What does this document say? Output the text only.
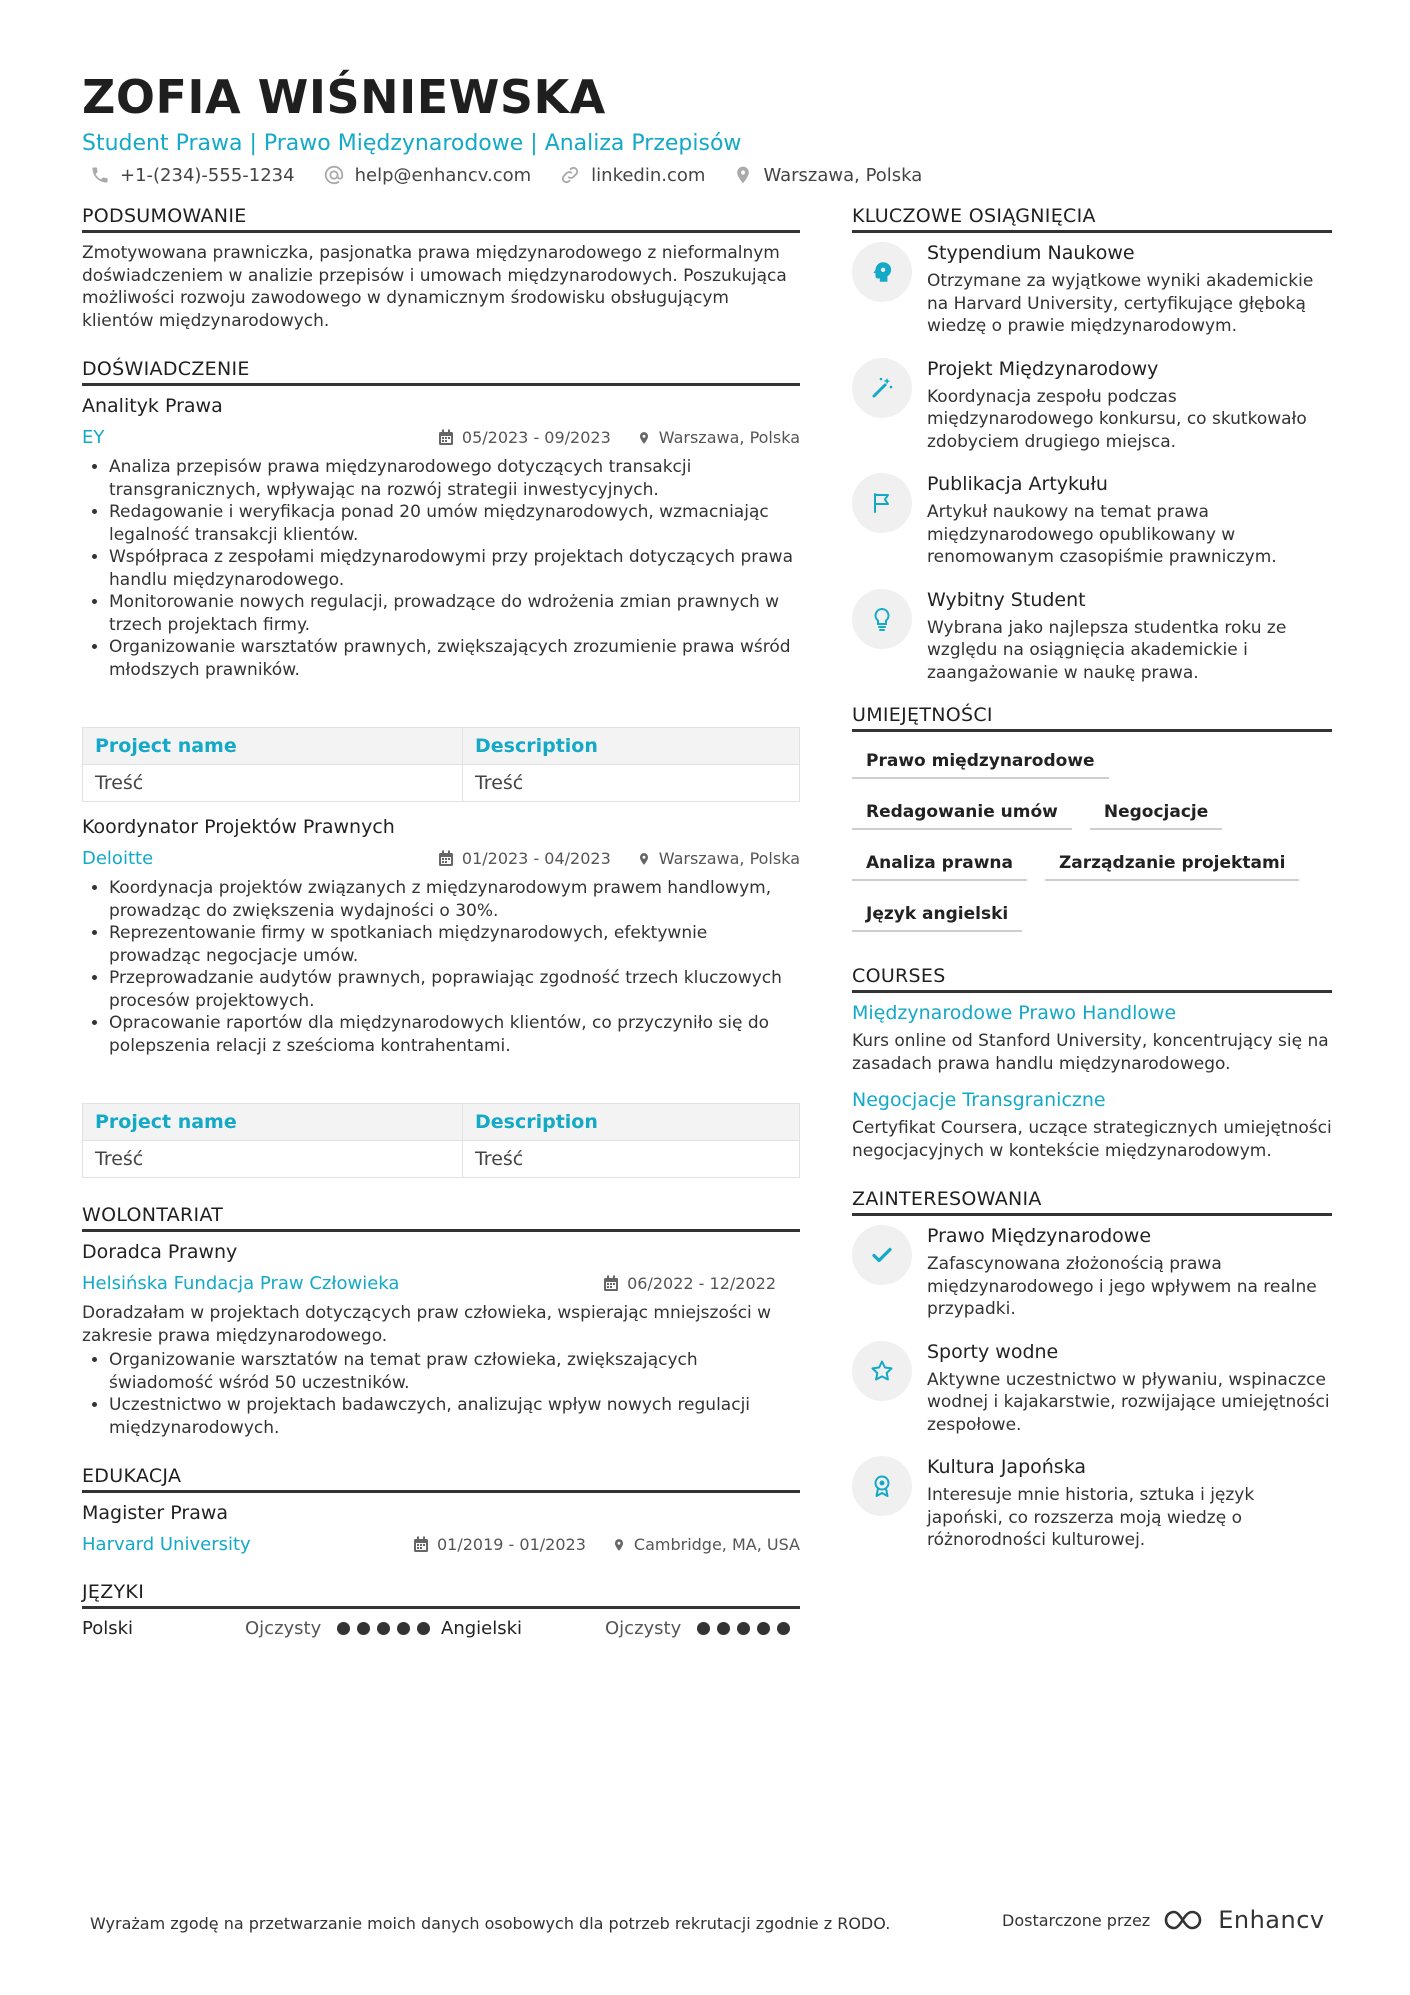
ZOFIA WIŚNIEWSKA
Student Prawa | Prawo Międzynarodowe | Analiza Przepisów
+1-(234)-555-1234	help@enhancv.com	linkedin.com	Warszawa, Polska
PODSUMOWANIE
Zmotywowana prawniczka, pasjonatka prawa międzynarodowego z nieformalnym doświadczeniem w analizie przepisów i umowach międzynarodowych. Poszukująca możliwości rozwoju zawodowego w dynamicznym środowisku obsługującym klientów międzynarodowych.
DOŚWIADCZENIE
Analityk Prawa
EY	05/2023 - 09/2023	Warszawa, Polska
• Analiza przepisów prawa międzynarodowego dotyczących transakcji transgranicznych, wpływając na rozwój strategii inwestycyjnych.
• Redagowanie i weryfikacja ponad 20 umów międzynarodowych, wzmacniając legalność transakcji klientów.
• Współpraca z zespołami międzynarodowymi przy projektach dotyczących prawa handlu międzynarodowego.
• Monitorowanie nowych regulacji, prowadzące do wdrożenia zmian prawnych w trzech projektach firmy.
• Organizowanie warsztatów prawnych, zwiększających zrozumienie prawa wśród młodszych prawników.
Project name	Description
Treść	Treść
Koordynator Projektów Prawnych
Deloitte	01/2023 - 04/2023	Warszawa, Polska
• Koordynacja projektów związanych z międzynarodowym prawem handlowym, prowadząc do zwiększenia wydajności o 30%.
• Reprezentowanie firmy w spotkaniach międzynarodowych, efektywnie prowadząc negocjacje umów.
• Przeprowadzanie audytów prawnych, poprawiając zgodność trzech kluczowych procesów projektowych.
• Opracowanie raportów dla międzynarodowych klientów, co przyczyniło się do polepszenia relacji z sześcioma kontrahentami.
Project name	Description
Treść	Treść
WOLONTARIAT
Doradca Prawny
Helsińska Fundacja Praw Człowieka	06/2022 - 12/2022
Doradzałam w projektach dotyczących praw człowieka, wspierając mniejszości w zakresie prawa międzynarodowego.
• Organizowanie warsztatów na temat praw człowieka, zwiększających świadomość wśród 50 uczestników.
• Uczestnictwo w projektach badawczych, analizując wpływ nowych regulacji międzynarodowych.
EDUKACJA
Magister Prawa
Harvard University	01/2019 - 01/2023	Cambridge, MA, USA
JĘZYKI
Polski	Ojczysty	Angielski	Ojczysty
KLUCZOWE OSIĄGNIĘCIA
Stypendium Naukowe
Otrzymane za wyjątkowe wyniki akademickie na Harvard University, certyfikujące głęboką wiedzę o prawie międzynarodowym.
Projekt Międzynarodowy
Koordynacja zespołu podczas międzynarodowego konkursu, co skutkowało zdobyciem drugiego miejsca.
Publikacja Artykułu
Artykuł naukowy na temat prawa międzynarodowego opublikowany w renomowanym czasopiśmie prawniczym.
Wybitny Student
Wybrana jako najlepsza studentka roku ze względu na osiągnięcia akademickie i zaangażowanie w naukę prawa.
UMIEJĘTNOŚCI
Prawo międzynarodowe
Redagowanie umów	Negocjacje
Analiza prawna	Zarządzanie projektami
Język angielski
COURSES
Międzynarodowe Prawo Handlowe
Kurs online od Stanford University, koncentrujący się na zasadach prawa handlu międzynarodowego.
Negocjacje Transgraniczne
Certyfikat Coursera, uczące strategicznych umiejętności negocjacyjnych w kontekście międzynarodowym.
ZAINTERESOWANIA
Prawo Międzynarodowe
Zafascynowana złożonością prawa międzynarodowego i jego wpływem na realne przypadki.
Sporty wodne
Aktywne uczestnictwo w pływaniu, wspinaczce wodnej i kajakarstwie, rozwijające umiejętności zespołowe.
Kultura Japońska
Interesuje mnie historia, sztuka i język japoński, co rozszerza moją wiedzę o różnorodności kulturowej.
Wyrażam zgodę na przetwarzanie moich danych osobowych dla potrzeb rekrutacji zgodnie z RODO.	Dostarczone przez	Enhancv
